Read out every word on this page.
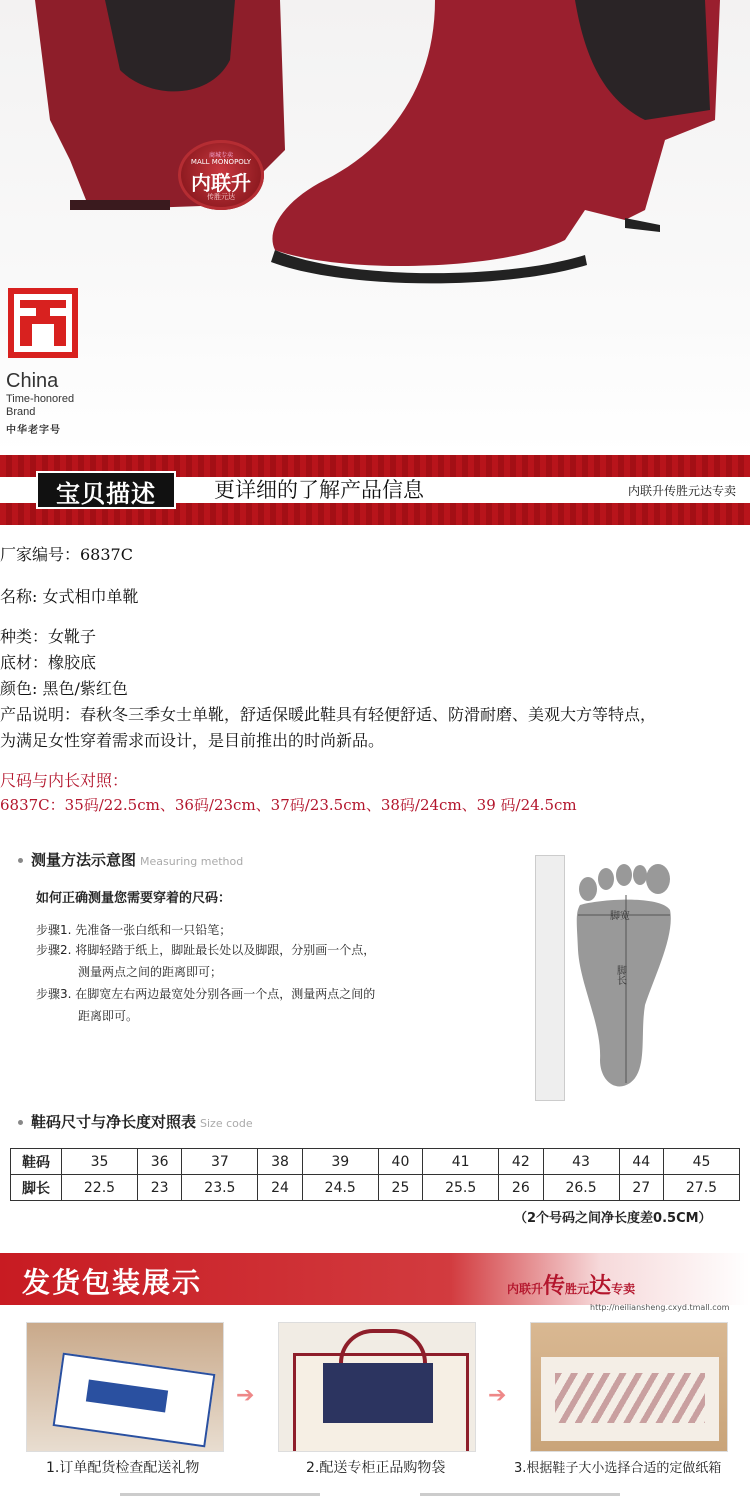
商城专卖
MALL MONOPOLY
内联升
传胜元达
China
Time-honored
Brand
中华老字号
宝贝描述	更详细的了解产品信息	内联升传胜元达专卖
厂家编号：6837C
名称: 女式相巾单靴
种类：女靴子
底材：橡胶底
颜色: 黑色/紫红色
产品说明：春秋冬三季女士单靴，舒适保暖此鞋具有轻便舒适、防滑耐磨、美观大方等特点，
为满足女性穿着需求而设计，是目前推出的时尚新品。
尺码与内长对照：
6837C：35码/22.5cm、36码/23cm、37码/23.5cm、38码/24cm、39 码/24.5cm
测量方法示意图 Measuring method
如何正确测量您需要穿着的尺码：
步骤1. 先准备一张白纸和一只铅笔；
步骤2. 将脚轻踏于纸上，脚趾最长处以及脚跟，分别画一个点，
测量两点之间的距离即可；
步骤3. 在脚宽左右两边最宽处分别各画一个点，测量两点之间的
距离即可。
鞋码尺寸与净长度对照表 Size code
脚宽
脚长
鞋码	35	36	37	38	39	40	41	42	43	44	45
脚长	22.5	23	23.5	24	24.5	25	25.5	26	26.5	27	27.5
（2个号码之间净长度差0.5CM）
发货包装展示	内联升传胜元达专卖
http://neiliansheng.cxyd.tmall.com
➔	➔
1.订单配货检查配送礼物	2.配送专柜正品购物袋	3.根据鞋子大小选择合适的定做纸箱
